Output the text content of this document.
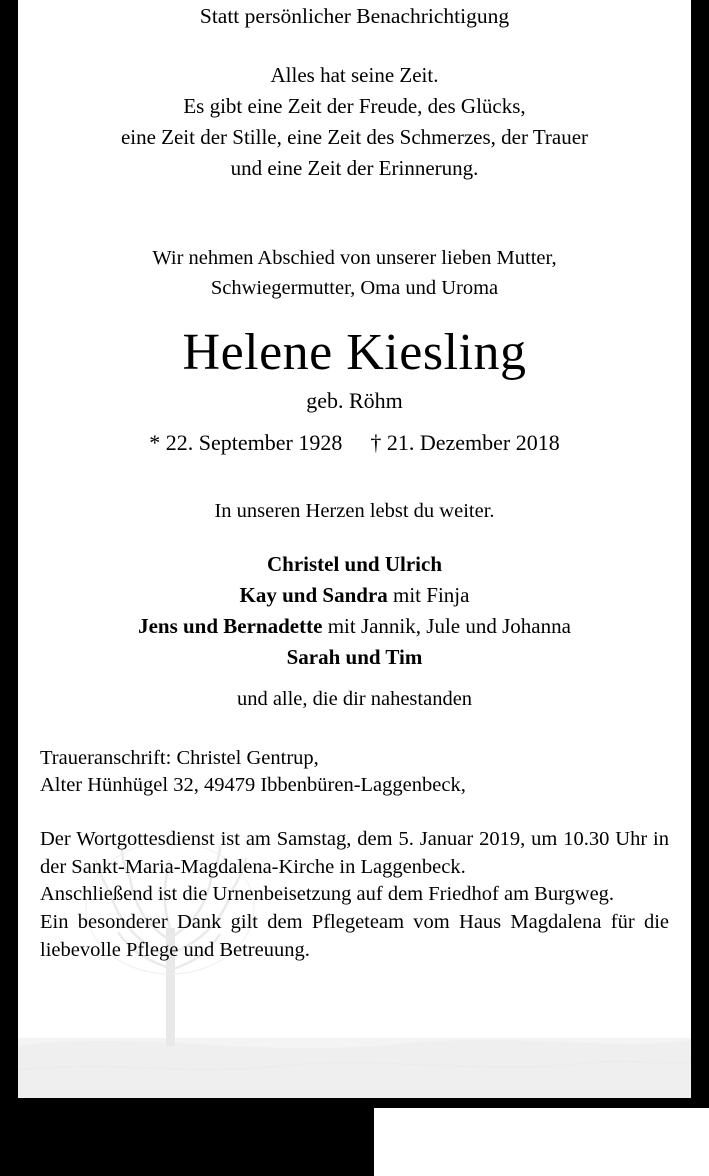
Statt persönlicher Benachrichtigung
Alles hat seine Zeit.
Es gibt eine Zeit der Freude, des Glücks,
eine Zeit der Stille, eine Zeit des Schmerzes, der Trauer
und eine Zeit der Erinnerung.
Wir nehmen Abschied von unserer lieben Mutter,
Schwiegermutter, Oma und Uroma
Helene Kiesling
geb. Röhm
* 22. September 1928 † 21. Dezember 2018
In unseren Herzen lebst du weiter.
Christel und Ulrich
Kay und Sandra mit Finja
Jens und Bernadette mit Jannik, Jule und Johanna
Sarah und Tim
und alle, die dir nahestanden

Traueranschrift: Christel Gentrup,

Alter Hünhügel 32, 49479 Ibbenbüren-Laggenbeck,

Der Wortgottesdienst ist am Samstag, dem 5. Januar 2019, um 10.30 Uhr in der Sankt-Maria-Magdalena-Kirche in Laggenbeck.

Anschließend ist die Urnenbeisetzung auf dem Friedhof am Burgweg.

Ein besonderer Dank gilt dem Pflegeteam vom Haus Magdalena für die liebevolle Pflege und Betreuung.
